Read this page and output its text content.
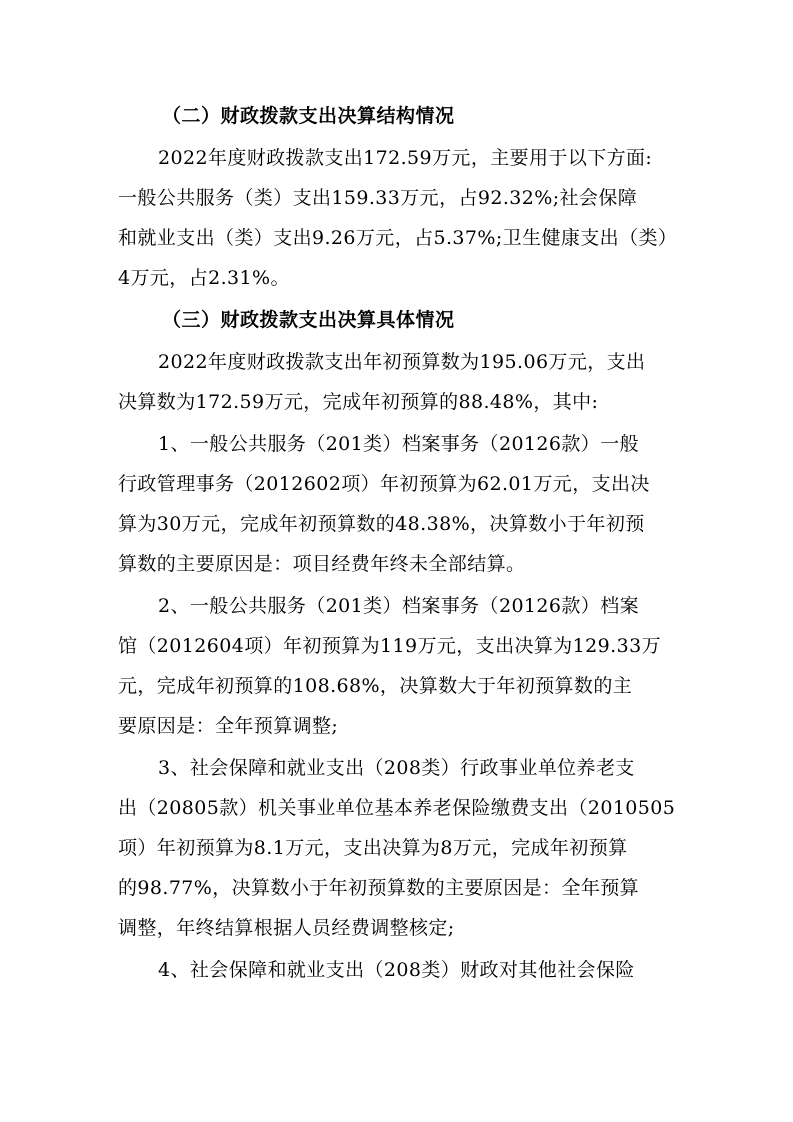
（二）财政拨款支出决算结构情况
2022年度财政拨款支出172.59万元，主要用于以下方面:
一般公共服务（类）支出159.33万元，占92.32%;社会保障
和就业支出（类）支出9.26万元，占5.37%;卫生健康支出（类）
4万元，占2.31%。
（三）财政拨款支出决算具体情况
2022年度财政拨款支出年初预算数为195.06万元，支出
决算数为172.59万元，完成年初预算的88.48%，其中:
1、一般公共服务（201类）档案事务（20126款）一般
行政管理事务（2012602项）年初预算为62.01万元，支出决
算为30万元，完成年初预算数的48.38%，决算数小于年初预
算数的主要原因是：项目经费年终未全部结算。
2、一般公共服务（201类）档案事务（20126款）档案
馆（2012604项）年初预算为119万元，支出决算为129.33万
元，完成年初预算的108.68%，决算数大于年初预算数的主
要原因是：全年预算调整;
3、社会保障和就业支出（208类）行政事业单位养老支
出（20805款）机关事业单位基本养老保险缴费支出（2010505
项）年初预算为8.1万元，支出决算为8万元，完成年初预算
的98.77%，决算数小于年初预算数的主要原因是：全年预算
调整，年终结算根据人员经费调整核定;
4、社会保障和就业支出（208类）财政对其他社会保险
